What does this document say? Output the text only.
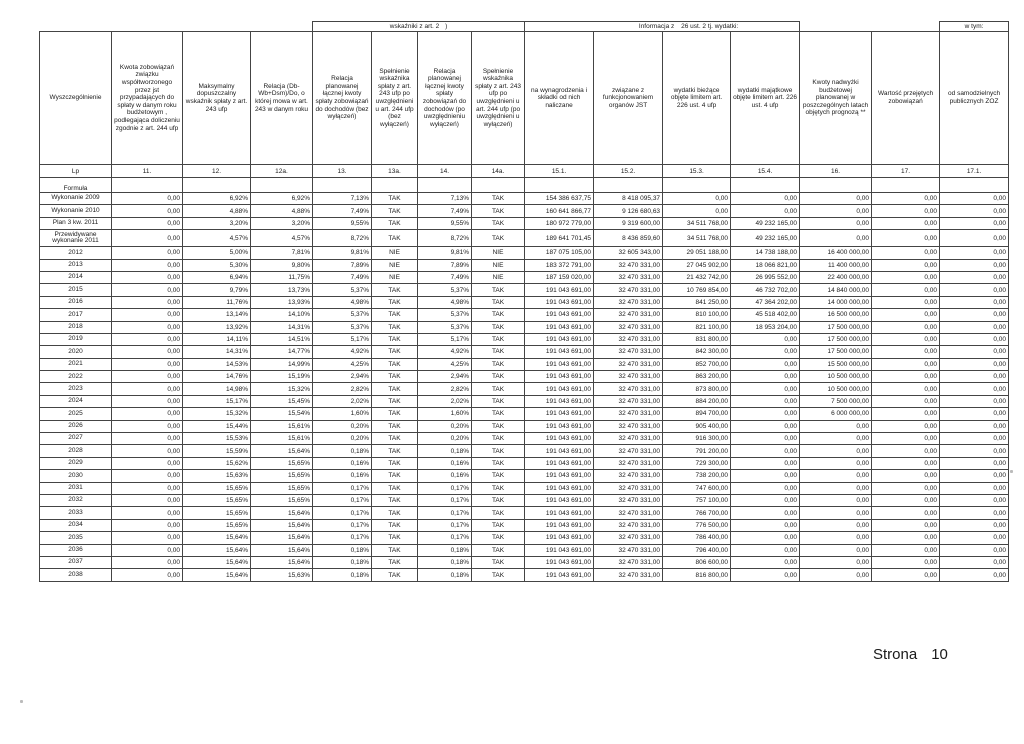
				wskaźniki z art. 2 )				Informacja z 26 ust. 2 tj. wydatki:						w tym:
Wyszczególnienie	Kwota zobowiązań związku współtworzonego przez jst przypadających do spłaty w danym roku budżetowym , podlegająca doliczeniu zgodnie z art. 244 ufp	Maksymalny dopuszczalny wskaźnik spłaty z art. 243 ufp	Relacja (Db-Wb+Dsm)/Do, o której mowa w art. 243 w danym roku	Relacja planowanej łącznej kwoty spłaty zobowiązań do dochodów (bez wyłączeń)	Spełnienie wskaźnika spłaty z art. 243 ufp po uwzględnieni u art. 244 ufp (bez wyłączeń)	Relacja planowanej łącznej kwoty spłaty zobowiązań do dochodów (po uwzględnieniu wyłączeń)	Spełnienie wskaźnika spłaty z art. 243 ufp po uwzględnieni u art. 244 ufp (po uwzględnieni u wyłączeń)	na wynagrodzenia i składki od nich naliczane	związane z funkcjonowaniem organów JST	wydatki bieżące objęte limitem art. 226 ust. 4 ufp	wydatki majątkowe objęte limitem art. 226 ust. 4 ufp	Kwoty nadwyżki budżetowej planowanej w poszczególnych latach objętych prognozą **	Wartość przejętych zobowiązań	od samodzielnych publicznych ZOZ
Lp	11.	12.	12a.	13.	13a.	14.	14a.	15.1.	15.2.	15.3.	15.4.	16.	17.	17.1.
Formuła														
Wykonanie 2009	0,00	6,92%	6,92%	7,13%	TAK	7,13%	TAK	154 386 637,75	8 418 095,37	0,00	0,00	0,00	0,00	0,00
Wykonanie 2010	0,00	4,88%	4,88%	7,49%	TAK	7,49%	TAK	160 641 866,77	9 126 680,63	0,00	0,00	0,00	0,00	0,00
Plan 3 kw. 2011	0,00	3,20%	3,20%	9,55%	TAK	9,55%	TAK	180 972 779,00	9 319 600,00	34 511 768,00	49 232 165,00	0,00	0,00	0,00
Przewidywane wykonanie 2011	0,00	4,57%	4,57%	8,72%	TAK	8,72%	TAK	189 641 701,45	8 436 859,60	34 511 768,00	49 232 165,00	0,00	0,00	0,00
2012	0,00	5,00%	7,81%	9,81%	NIE	9,81%	NIE	187 075 105,00	32 605 343,00	29 051 188,00	14 738 188,00	16 400 000,00	0,00	0,00
2013	0,00	5,30%	9,80%	7,89%	NIE	7,89%	NIE	183 372 791,00	32 470 331,00	27 045 902,00	18 066 821,00	11 400 000,00	0,00	0,00
2014	0,00	6,94%	11,75%	7,49%	NIE	7,49%	NIE	187 159 020,00	32 470 331,00	21 432 742,00	26 995 552,00	22 400 000,00	0,00	0,00
2015	0,00	9,79%	13,73%	5,37%	TAK	5,37%	TAK	191 043 691,00	32 470 331,00	10 769 854,00	46 732 702,00	14 840 000,00	0,00	0,00
2016	0,00	11,76%	13,93%	4,98%	TAK	4,98%	TAK	191 043 691,00	32 470 331,00	841 250,00	47 364 202,00	14 000 000,00	0,00	0,00
2017	0,00	13,14%	14,10%	5,37%	TAK	5,37%	TAK	191 043 691,00	32 470 331,00	810 100,00	45 518 402,00	16 500 000,00	0,00	0,00
2018	0,00	13,92%	14,31%	5,37%	TAK	5,37%	TAK	191 043 691,00	32 470 331,00	821 100,00	18 953 204,00	17 500 000,00	0,00	0,00
2019	0,00	14,11%	14,51%	5,17%	TAK	5,17%	TAK	191 043 691,00	32 470 331,00	831 800,00	0,00	17 500 000,00	0,00	0,00
2020	0,00	14,31%	14,77%	4,92%	TAK	4,92%	TAK	191 043 691,00	32 470 331,00	842 300,00	0,00	17 500 000,00	0,00	0,00
2021	0,00	14,53%	14,99%	4,25%	TAK	4,25%	TAK	191 043 691,00	32 470 331,00	852 700,00	0,00	15 500 000,00	0,00	0,00
2022	0,00	14,76%	15,19%	2,94%	TAK	2,94%	TAK	191 043 691,00	32 470 331,00	863 200,00	0,00	10 500 000,00	0,00	0,00
2023	0,00	14,98%	15,32%	2,82%	TAK	2,82%	TAK	191 043 691,00	32 470 331,00	873 800,00	0,00	10 500 000,00	0,00	0,00
2024	0,00	15,17%	15,45%	2,02%	TAK	2,02%	TAK	191 043 691,00	32 470 331,00	884 200,00	0,00	7 500 000,00	0,00	0,00
2025	0,00	15,32%	15,54%	1,60%	TAK	1,60%	TAK	191 043 691,00	32 470 331,00	894 700,00	0,00	6 000 000,00	0,00	0,00
2026	0,00	15,44%	15,61%	0,20%	TAK	0,20%	TAK	191 043 691,00	32 470 331,00	905 400,00	0,00	0,00	0,00	0,00
2027	0,00	15,53%	15,61%	0,20%	TAK	0,20%	TAK	191 043 691,00	32 470 331,00	916 300,00	0,00	0,00	0,00	0,00
2028	0,00	15,59%	15,64%	0,18%	TAK	0,18%	TAK	191 043 691,00	32 470 331,00	791 200,00	0,00	0,00	0,00	0,00
2029	0,00	15,62%	15,65%	0,16%	TAK	0,16%	TAK	191 043 691,00	32 470 331,00	729 300,00	0,00	0,00	0,00	0,00
2030	0,00	15,63%	15,65%	0,16%	TAK	0,16%	TAK	191 043 691,00	32 470 331,00	738 200,00	0,00	0,00	0,00	0,00
2031	0,00	15,65%	15,65%	0,17%	TAK	0,17%	TAK	191 043 691,00	32 470 331,00	747 600,00	0,00	0,00	0,00	0,00
2032	0,00	15,65%	15,65%	0,17%	TAK	0,17%	TAK	191 043 691,00	32 470 331,00	757 100,00	0,00	0,00	0,00	0,00
2033	0,00	15,65%	15,64%	0,17%	TAK	0,17%	TAK	191 043 691,00	32 470 331,00	766 700,00	0,00	0,00	0,00	0,00
2034	0,00	15,65%	15,64%	0,17%	TAK	0,17%	TAK	191 043 691,00	32 470 331,00	776 500,00	0,00	0,00	0,00	0,00
2035	0,00	15,64%	15,64%	0,17%	TAK	0,17%	TAK	191 043 691,00	32 470 331,00	786 400,00	0,00	0,00	0,00	0,00
2036	0,00	15,64%	15,64%	0,18%	TAK	0,18%	TAK	191 043 691,00	32 470 331,00	796 400,00	0,00	0,00	0,00	0,00
2037	0,00	15,64%	15,64%	0,18%	TAK	0,18%	TAK	191 043 691,00	32 470 331,00	806 600,00	0,00	0,00	0,00	0,00
2038	0,00	15,64%	15,63%	0,18%	TAK	0,18%	TAK	191 043 691,00	32 470 331,00	816 800,00	0,00	0,00	0,00	0,00
Strona 10
